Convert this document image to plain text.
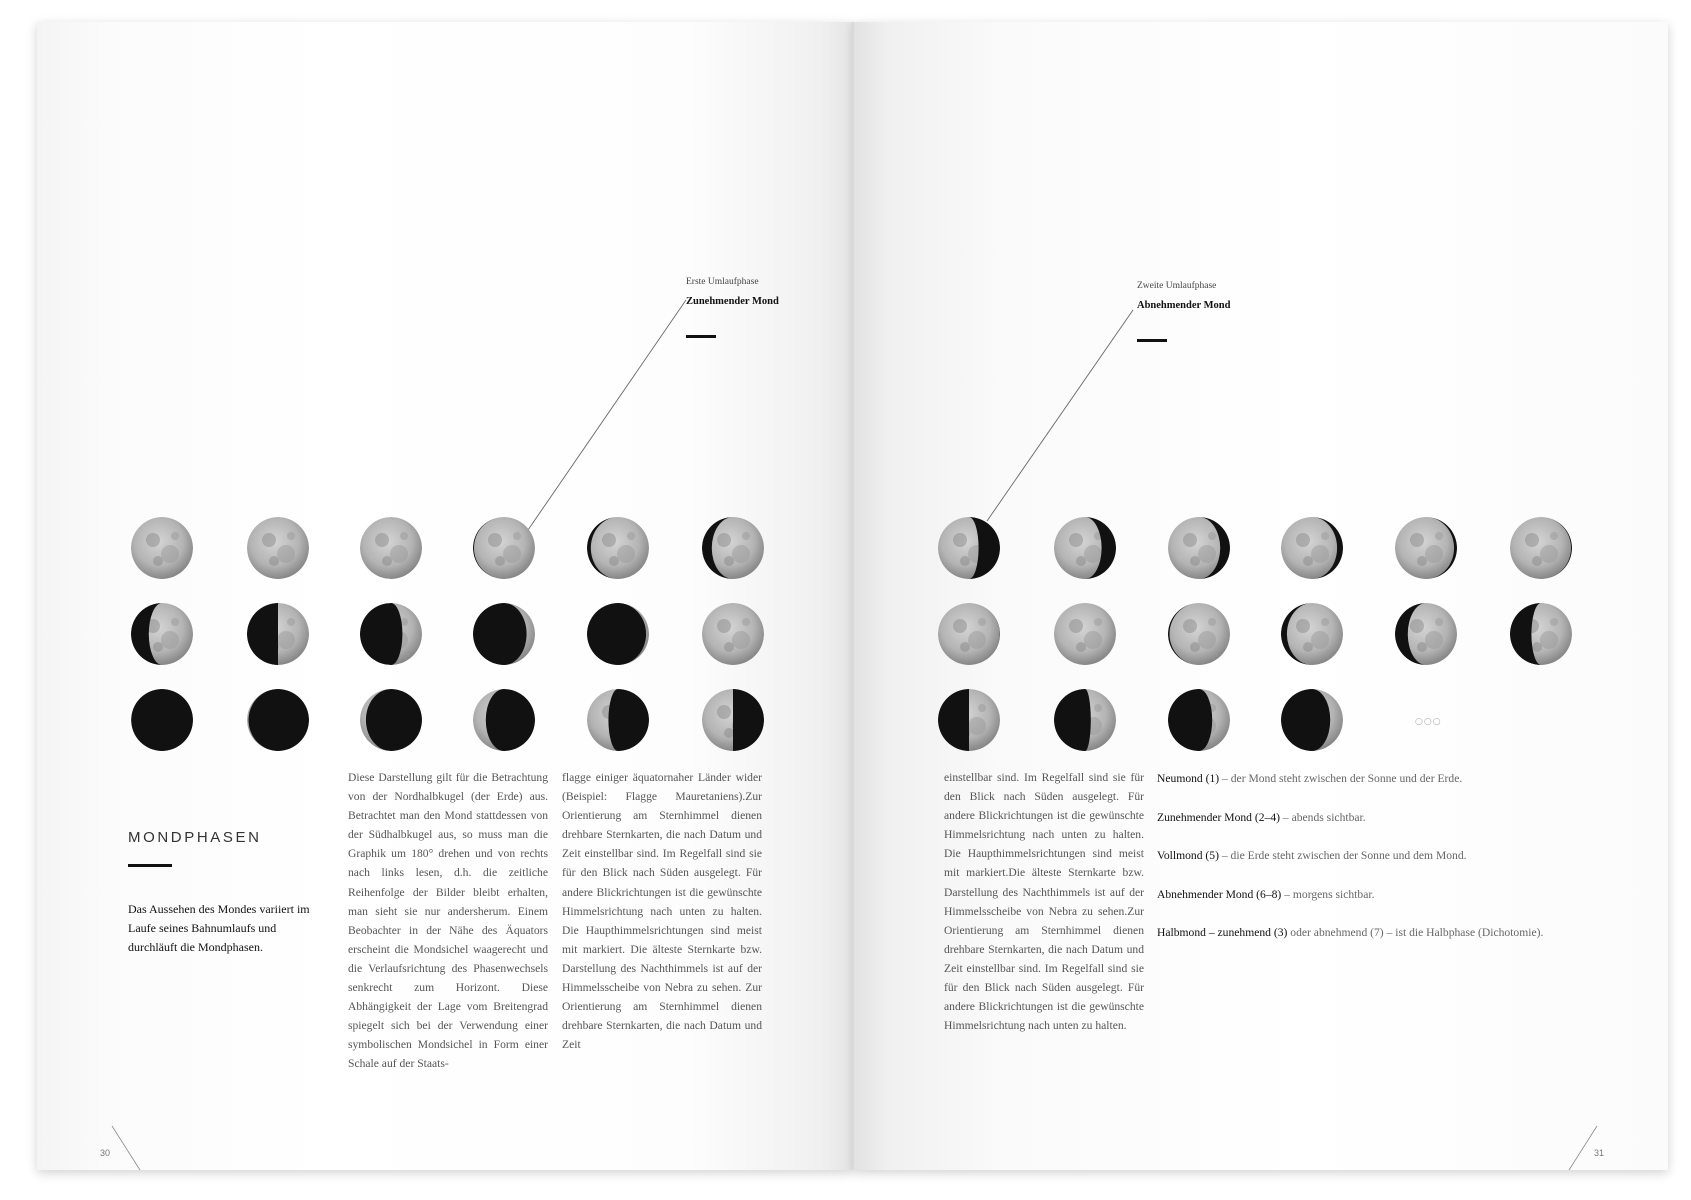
Erste Umlaufphase
Zunehmender Mond
Zweite Umlaufphase
Abnehmender Mond
MONDPHASEN
Das Aussehen des Mondes variiert im Laufe seines Bahnumlaufs und durchläuft die Mondphasen.
Diese Darstellung gilt für die Betrachtung von der Nordhalbkugel (der Erde) aus. Betrachtet man den Mond stattdessen von der Südhalbkugel aus, so muss man die Graphik um 180° drehen und von rechts nach links lesen, d.h. die zeitliche Reihenfolge der Bilder bleibt erhalten, man sieht sie nur andersherum. Einem Beobachter in der Nähe des Äquators erscheint die Mondsichel waagerecht und die Verlaufsrichtung des Phasenwechsels senkrecht zum Horizont. Diese Abhängigkeit der Lage vom Breitengrad spiegelt sich bei der Verwendung einer symbolischen Mondsichel in Form einer Schale auf der Staats-
flagge einiger äquatornaher Länder wider (Beispiel: Flagge Mauretaniens).Zur Orientierung am Sternhimmel dienen drehbare Sternkarten, die nach Datum und Zeit einstellbar sind. Im Regelfall sind sie für den Blick nach Süden ausgelegt. Für andere Blickrichtungen ist die gewünschte Himmelsrichtung nach unten zu halten. Die Haupthimmelsrichtungen sind meist mit markiert. Die älteste Sternkarte bzw. Darstellung des Nachthimmels ist auf der Himmelsscheibe von Nebra zu sehen. Zur Orientierung am Sternhimmel dienen drehbare Sternkarten, die nach Datum und Zeit
einstellbar sind. Im Regelfall sind sie für den Blick nach Süden ausgelegt. Für andere Blickrichtungen ist die gewünschte Himmelsrichtung nach unten zu halten. Die Haupthimmelsrichtungen sind meist mit markiert.Die älteste Sternkarte bzw. Darstellung des Nachthimmels ist auf der Himmelsscheibe von Nebra zu sehen.Zur Orientierung am Sternhimmel dienen drehbare Sternkarten, die nach Datum und Zeit einstellbar sind. Im Regelfall sind sie für den Blick nach Süden ausgelegt. Für andere Blickrichtungen ist die gewünschte Himmelsrichtung nach unten zu halten.
Neumond (1) – der Mond steht zwischen der Sonne und der Erde.
Zunehmender Mond (2–4) – abends sichtbar.
Vollmond (5) – die Erde steht zwischen der Sonne und dem Mond.
Abnehmender Mond (6–8) – morgens sichtbar.
Halbmond – zunehmend (3) oder abnehmend (7) – ist die Halbphase (Dichotomie).
○○○
30	31
